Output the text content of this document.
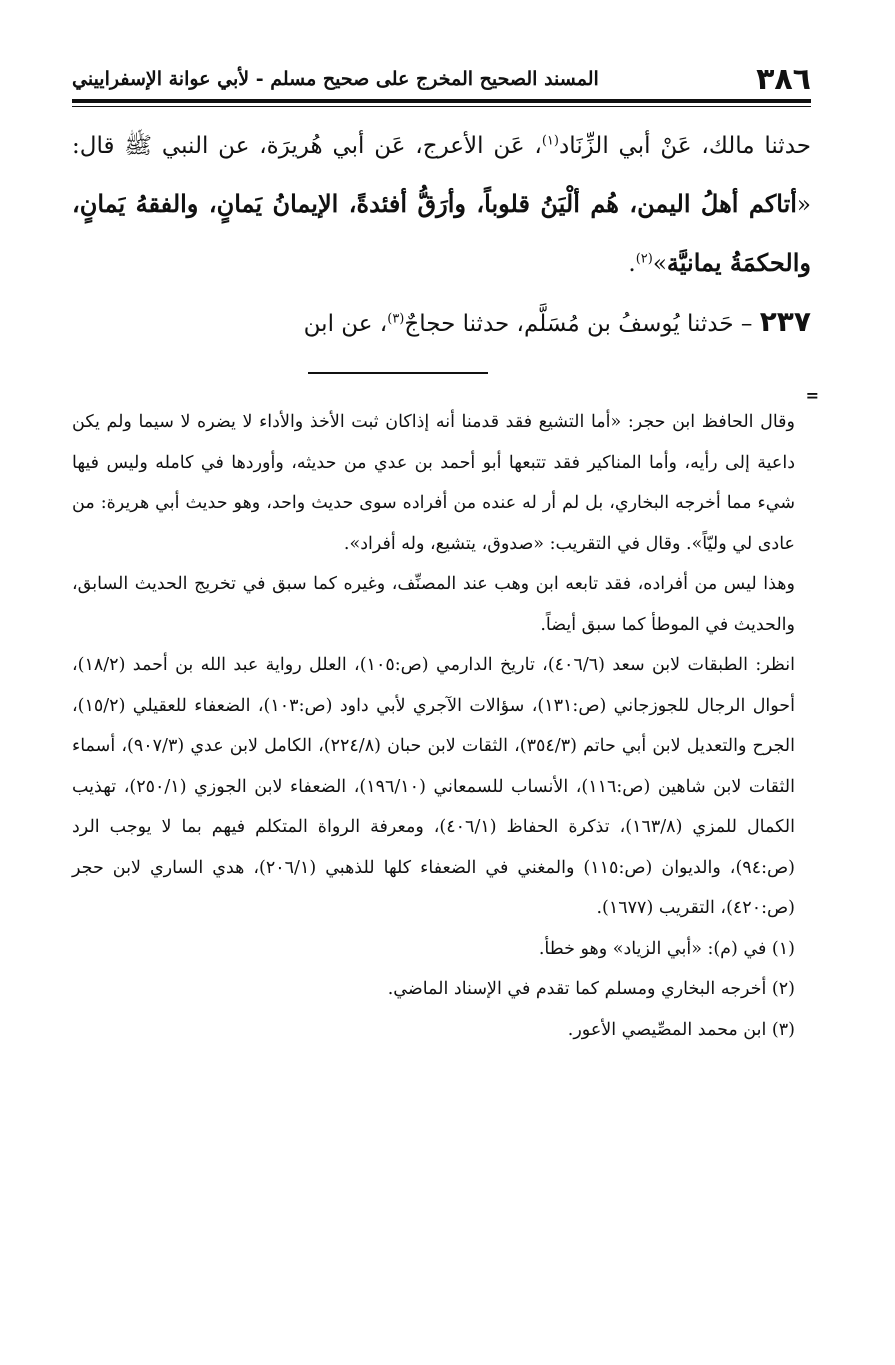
٣٨٦
المسند الصحيح المخرج على صحيح مسلم - لأبي عوانة الإسفراييني

حدثنا مالك، عَنْ أبي الزِّنَاد$^{(١)}$، عَن الأعرج، عَن أبي هُريرَة، عن النبي ﷺ قال: «أتاكم أهلُ اليمن، هُم ألْيَنُ قلوباً، وأرَقُّ أفئدةً، الإيمانُ يَمانٍ، والفقهُ يَمانٍ، والحكمَةُ يمانيَّة»$^{(٢)}$.

٢٣٧ – حَدثنا يُوسفُ بن مُسَلَّم، حدثنا حجاجٌ$^{(٣)}$، عن ابن

=

وقال الحافظ ابن حجر: «أما التشيع فقد قدمنا أنه إذاكان ثبت الأخذ والأداء لا يضره لا سيما ولم يكن داعية إلى رأيه، وأما المناكير فقد تتبعها أبو أحمد بن عدي من حديثه، وأوردها في كامله وليس فيها شيء مما أخرجه البخاري، بل لم أر له عنده من أفراده سوى حديث واحد، وهو حديث أبي هريرة: من عادى لي وليّاً». وقال في التقريب: «صدوق، يتشيع، وله أفراد».

وهذا ليس من أفراده، فقد تابعه ابن وهب عند المصنِّف، وغيره كما سبق في تخريج الحديث السابق، والحديث في الموطأ كما سبق أيضاً.

انظر: الطبقات لابن سعد (٤٠٦/٦)، تاريخ الدارمي (ص:١٠٥)، العلل رواية عبد الله بن أحمد (١٨/٢)، أحوال الرجال للجوزجاني (ص:١٣١)، سؤالات الآجري لأبي داود (ص:١٠٣)، الضعفاء للعقيلي (١٥/٢)، الجرح والتعديل لابن أبي حاتم (٣٥٤/٣)، الثقات لابن حبان (٢٢٤/٨)، الكامل لابن عدي (٩٠٧/٣)، أسماء الثقات لابن شاهين (ص:١١٦)، الأنساب للسمعاني (١٩٦/١٠)، الضعفاء لابن الجوزي (٢٥٠/١)، تهذيب الكمال للمزي (١٦٣/٨)، تذكرة الحفاظ (٤٠٦/١)، ومعرفة الرواة المتكلم فيهم بما لا يوجب الرد (ص:٩٤)، والديوان (ص:١١٥) والمغني في الضعفاء كلها للذهبي (٢٠٦/١)، هدي الساري لابن حجر (ص:٤٢٠)، التقريب (١٦٧٧).

(١) في (م): «أبي الزياد» وهو خطأ.

(٢) أخرجه البخاري ومسلم كما تقدم في الإسناد الماضي.

(٣) ابن محمد المصِّيصي الأعور.
